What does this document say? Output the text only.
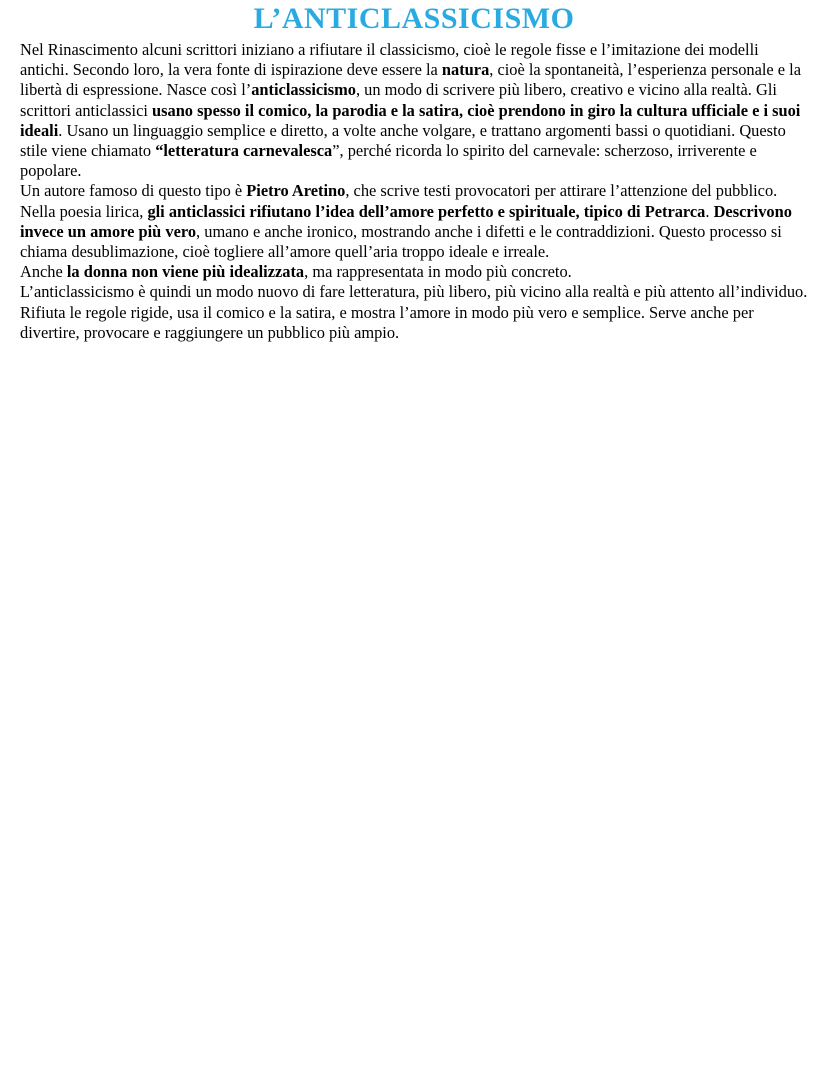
L’ANTICLASSICISMO

Nel Rinascimento alcuni scrittori iniziano a rifiutare il classicismo, cioè le regole fisse e l’imitazione dei modelli antichi. Secondo loro, la vera fonte di ispirazione deve essere la natura, cioè la spontaneità, l’esperienza personale e la libertà di espressione. Nasce così l’anticlassicismo, un modo di scrivere più libero, creativo e vicino alla realtà. Gli scrittori anticlassici usano spesso il comico, la parodia e la satira, cioè prendono in giro la cultura ufficiale e i suoi ideali. Usano un linguaggio semplice e diretto, a volte anche volgare, e trattano argomenti bassi o quotidiani. Questo stile viene chiamato “letteratura carnevalesca”, perché ricorda lo spirito del carnevale: scherzoso, irriverente e popolare.

Un autore famoso di questo tipo è Pietro Aretino, che scrive testi provocatori per attirare l’attenzione del pubblico.

Nella poesia lirica, gli anticlassici rifiutano l’idea dell’amore perfetto e spirituale, tipico di Petrarca. Descrivono invece un amore più vero, umano e anche ironico, mostrando anche i difetti e le contraddizioni. Questo processo si chiama desublimazione, cioè togliere all’amore quell’aria troppo ideale e irreale.

Anche la donna non viene più idealizzata, ma rappresentata in modo più concreto.

L’anticlassicismo è quindi un modo nuovo di fare letteratura, più libero, più vicino alla realtà e più attento all’individuo. Rifiuta le regole rigide, usa il comico e la satira, e mostra l’amore in modo più vero e semplice. Serve anche per divertire, provocare e raggiungere un pubblico più ampio.
